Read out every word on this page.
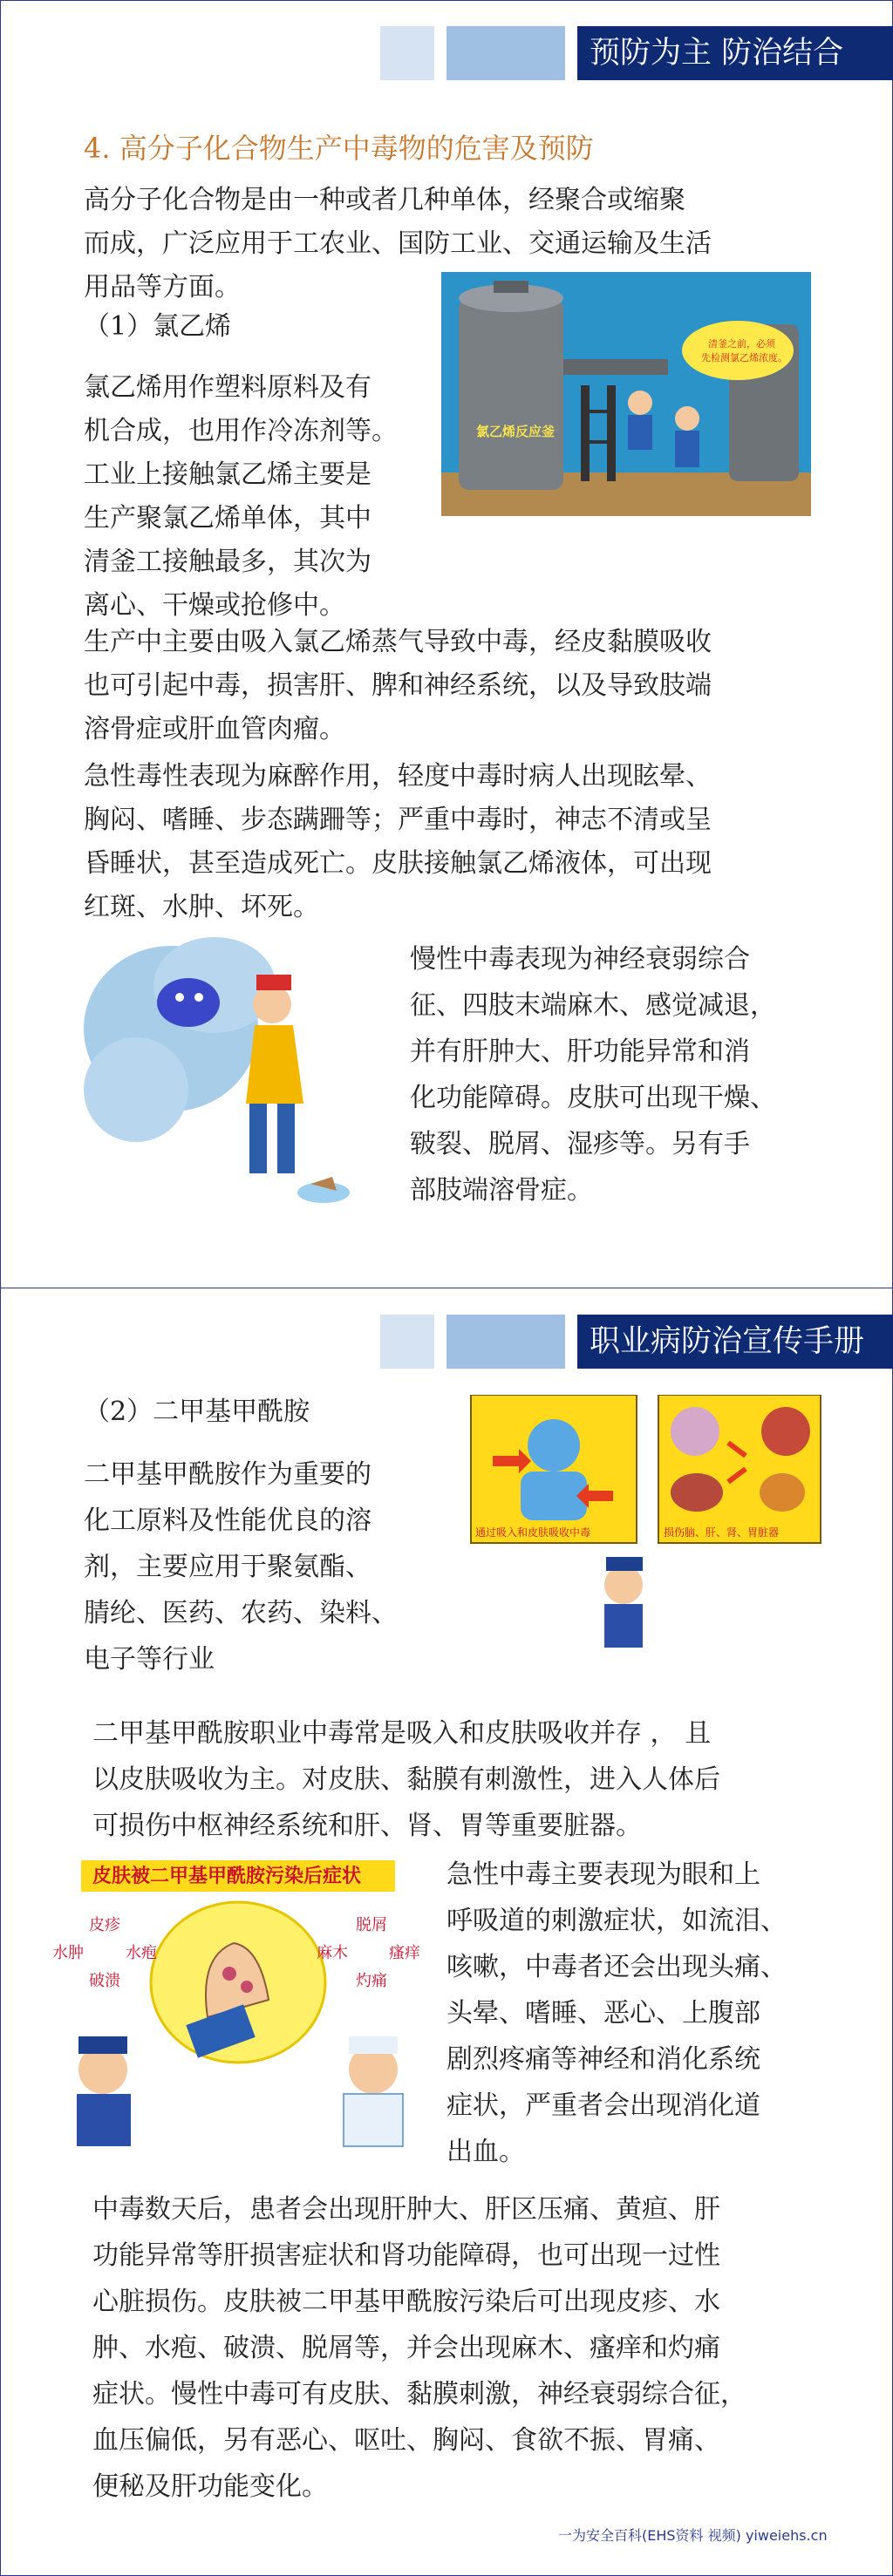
预防为主 防治结合
4. 高分子化合物生产中毒物的危害及预防
高分子化合物是由一种或者几种单体，经聚合或缩聚
而成，广泛应用于工农业、国防工业、交通运输及生活
用品等方面。
（1）氯乙烯
氯乙烯用作塑料原料及有
机合成，也用作冷冻剂等。
工业上接触氯乙烯主要是
生产聚氯乙烯单体，其中
清釜工接触最多，其次为
离心、干燥或抢修中。
氯乙烯反应釜
清釜之前，必须
先检测氯乙烯浓度。
生产中主要由吸入氯乙烯蒸气导致中毒，经皮黏膜吸收
也可引起中毒，损害肝、脾和神经系统，以及导致肢端
溶骨症或肝血管肉瘤。
急性毒性表现为麻醉作用，轻度中毒时病人出现眩晕、
胸闷、嗜睡、步态蹒跚等；严重中毒时，神志不清或呈
昏睡状，甚至造成死亡。皮肤接触氯乙烯液体，可出现
红斑、水肿、坏死。
慢性中毒表现为神经衰弱综合
征、四肢末端麻木、感觉减退，
并有肝肿大、肝功能异常和消
化功能障碍。皮肤可出现干燥、
皲裂、脱屑、湿疹等。另有手
部肢端溶骨症。
职业病防治宣传手册
（2）二甲基甲酰胺
二甲基甲酰胺作为重要的
化工原料及性能优良的溶
剂，主要应用于聚氨酯、
腈纶、医药、农药、染料、
电子等行业
通过吸入和皮肤吸收中毒	损伤脑、肝、肾、胃脏器
二甲基甲酰胺职业中毒常是吸入和皮肤吸收并存 ， 且
以皮肤吸收为主。对皮肤、黏膜有刺激性，进入人体后
可损伤中枢神经系统和肝、肾、胃等重要脏器。
皮肤被二甲基甲酰胺污染后症状
皮疹
水肿	水疱
破溃
脱屑
麻木	瘙痒
灼痛
急性中毒主要表现为眼和上
呼吸道的刺激症状，如流泪、
咳嗽，中毒者还会出现头痛、
头晕、嗜睡、恶心、上腹部
剧烈疼痛等神经和消化系统
症状，严重者会出现消化道
出血。
中毒数天后，患者会出现肝肿大、肝区压痛、黄疸、肝
功能异常等肝损害症状和肾功能障碍，也可出现一过性
心脏损伤。皮肤被二甲基甲酰胺污染后可出现皮疹、水
肿、水疱、破溃、脱屑等，并会出现麻木、瘙痒和灼痛
症状。慢性中毒可有皮肤、黏膜刺激，神经衰弱综合征，
血压偏低，另有恶心、呕吐、胸闷、食欲不振、胃痛、
便秘及肝功能变化。
一为安全百科(EHS资料 视频) yiweiehs.cn
